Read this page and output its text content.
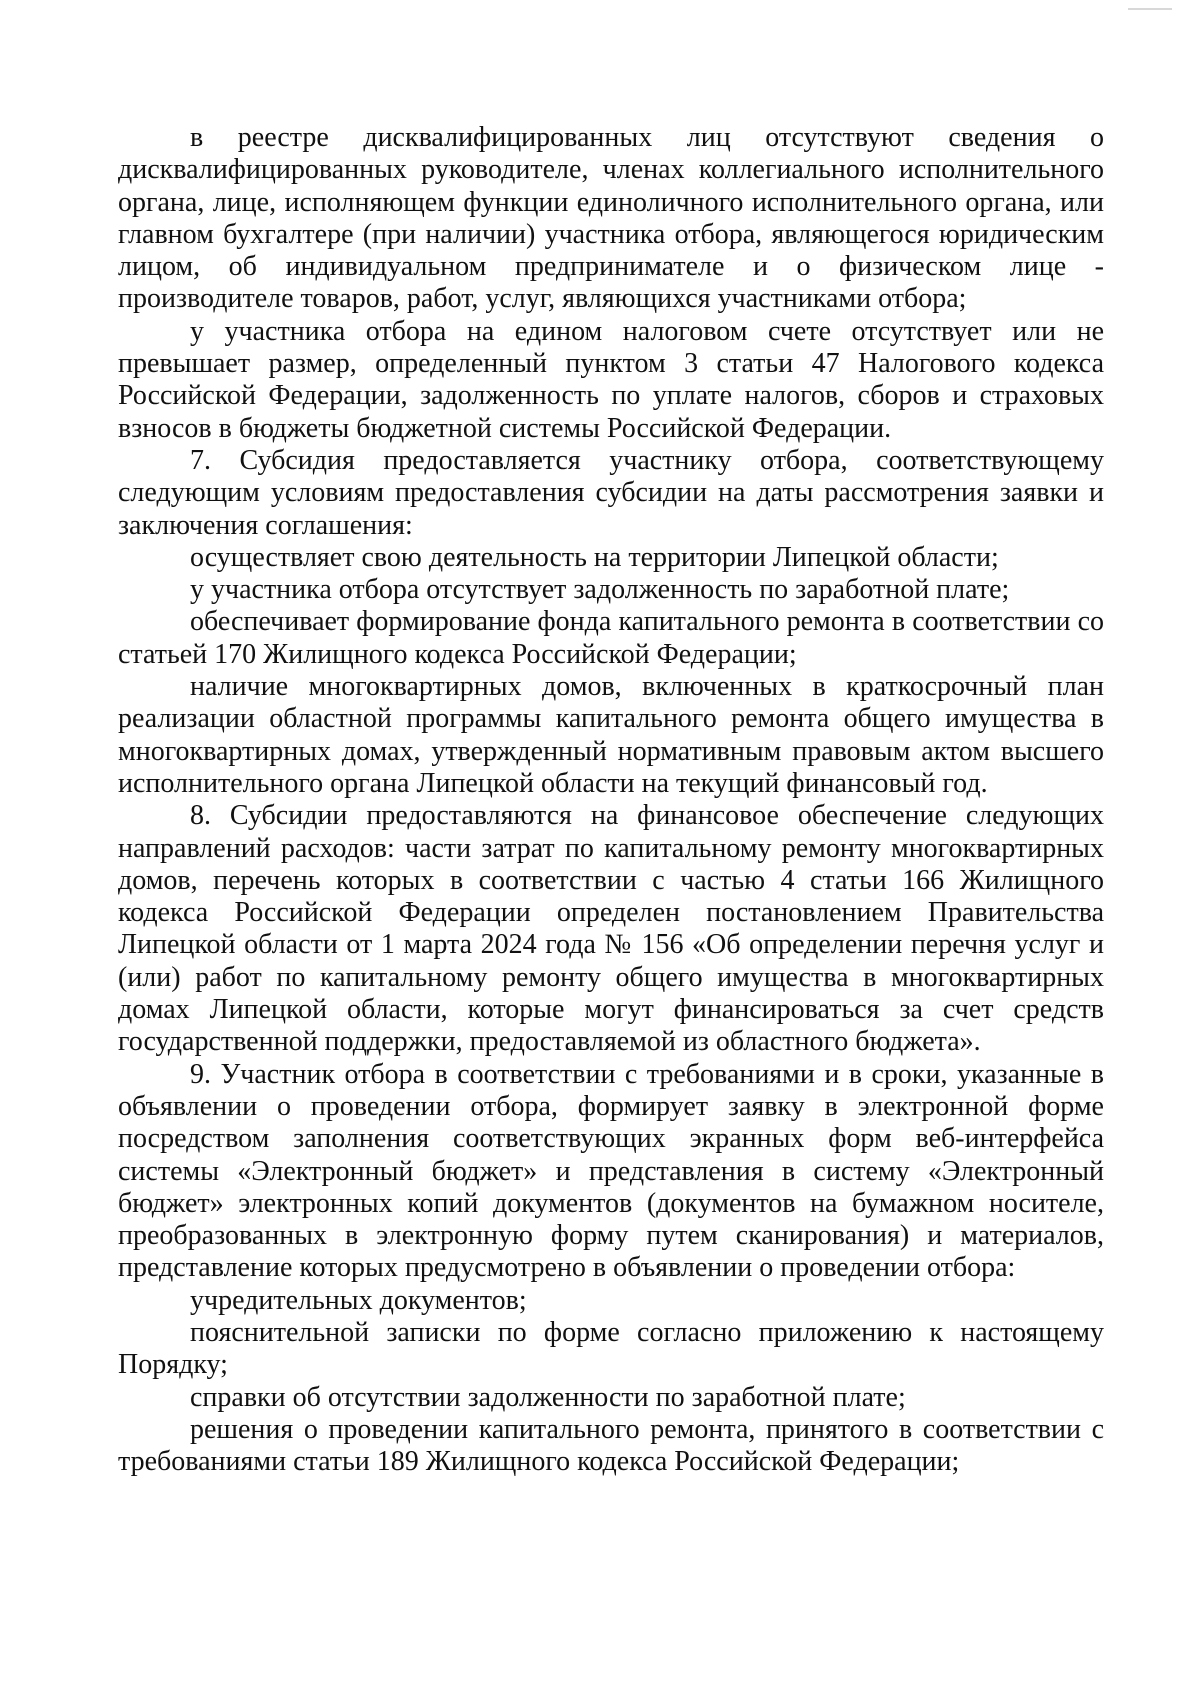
в реестре дисквалифицированных лиц отсутствуют сведения о дисквалифицированных руководителе, членах коллегиального исполнительного органа, лице, исполняющем функции единоличного исполнительного органа, или главном бухгалтере (при наличии) участника отбора, являющегося юридическим лицом, об индивидуальном предпринимателе и о физическом лице - производителе товаров, работ, услуг, являющихся участниками отбора;

у участника отбора на едином налоговом счете отсутствует или не превышает размер, определенный пунктом 3 статьи 47 Налогового кодекса Российской Федерации, задолженность по уплате налогов, сборов и страховых взносов в бюджеты бюджетной системы Российской Федерации.

7. Субсидия предоставляется участнику отбора, соответствующему следующим условиям предоставления субсидии на даты рассмотрения заявки и заключения соглашения:

осуществляет свою деятельность на территории Липецкой области;

у участника отбора отсутствует задолженность по заработной плате;

обеспечивает формирование фонда капитального ремонта в соответствии со статьей 170 Жилищного кодекса Российской Федерации;

наличие многоквартирных домов, включенных в краткосрочный план реализации областной программы капитального ремонта общего имущества в многоквартирных домах, утвержденный нормативным правовым актом высшего исполнительного органа Липецкой области на текущий финансовый год.

8. Субсидии предоставляются на финансовое обеспечение следующих направлений расходов: части затрат по капитальному ремонту многоквартирных домов, перечень которых в соответствии с частью 4 статьи 166 Жилищного кодекса Российской Федерации определен постановлением Правительства Липецкой области от 1 марта 2024 года № 156 «Об определении перечня услуг и (или) работ по капитальному ремонту общего имущества в многоквартирных домах Липецкой области, которые могут финансироваться за счет средств государственной поддержки, предоставляемой из областного бюджета».

9. Участник отбора в соответствии с требованиями и в сроки, указанные в объявлении о проведении отбора, формирует заявку в электронной форме посредством заполнения соответствующих экранных форм веб-интерфейса системы «Электронный бюджет» и представления в систему «Электронный бюджет» электронных копий документов (документов на бумажном носителе, преобразованных в электронную форму путем сканирования) и материалов, представление которых предусмотрено в объявлении о проведении отбора:

учредительных документов;

пояснительной записки по форме согласно приложению к настоящему Порядку;

справки об отсутствии задолженности по заработной плате;

решения о проведении капитального ремонта, принятого в соответствии с требованиями статьи 189 Жилищного кодекса Российской Федерации;
